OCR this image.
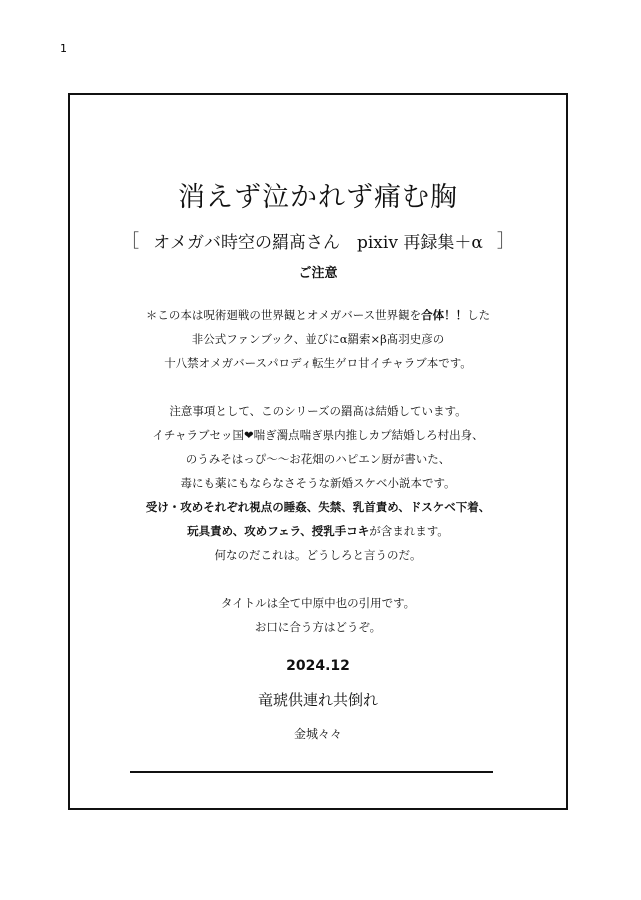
1
消えず泣かれず痛む胸
［ オメガバ時空の羂髙さん　pixiv 再録集＋α ］
ご注意
＊この本は呪術廻戦の世界観とオメガバース世界観を合体！！した
非公式ファンブック、並びにα羂索×β髙羽史彦の
十八禁オメガバースパロディ転生ゲロ甘イチャラブ本です。
注意事項として、このシリーズの羂髙は結婚しています。
イチャラブセッ国❤喘ぎ濁点喘ぎ県内推しカプ結婚しろ村出身、
のうみそはっぴ〜〜お花畑のハピエン厨が書いた、
毒にも薬にもならなさそうな新婚スケベ小説本です。
受け・攻めそれぞれ視点の睡姦、失禁、乳首責め、ドスケベ下着、
玩具責め、攻めフェラ、授乳手コキが含まれます。
何なのだこれは。どうしろと言うのだ。
タイトルは全て中原中也の引用です。
お口に合う方はどうぞ。
2024.12
竜琥供連れ共倒れ
金城々々
